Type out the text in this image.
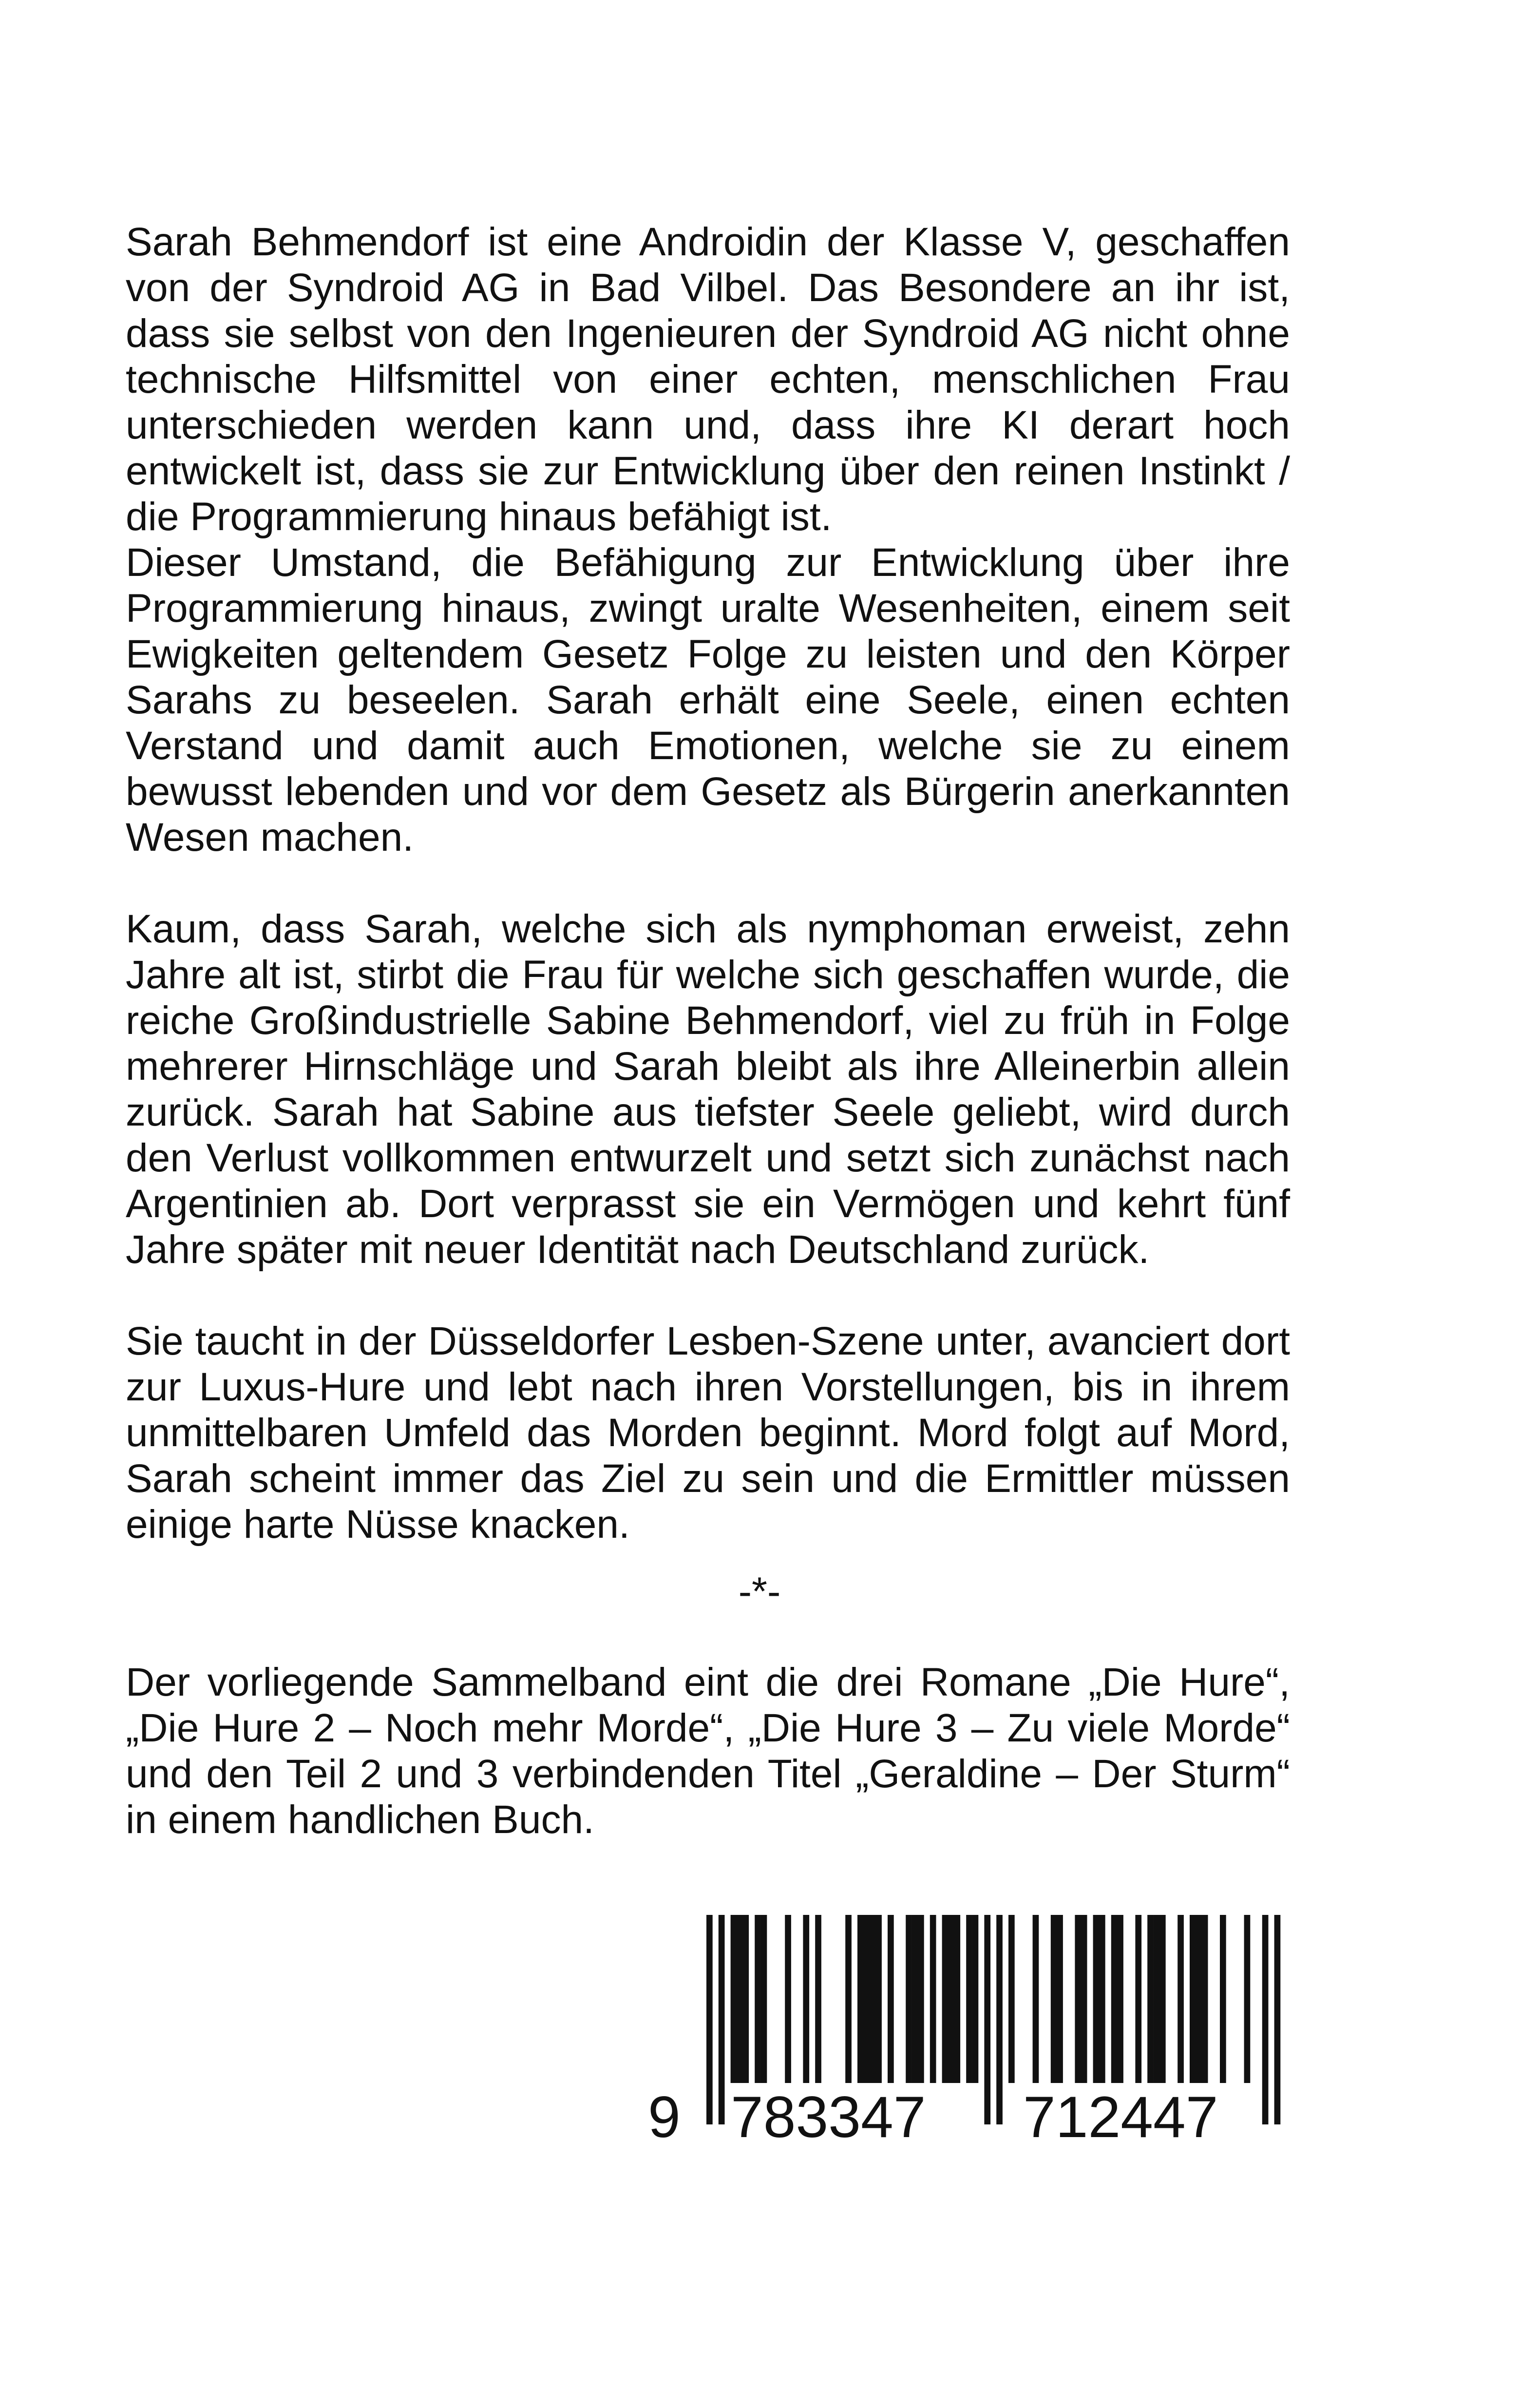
Sarah Behmendorf ist eine Androidin der Klasse V, geschaffen von der Syndroid AG in Bad Vilbel. Das Besondere an ihr ist, dass sie selbst von den Ingenieuren der Syndroid AG nicht ohne technische Hilfsmittel von einer echten, menschlichen Frau unterschieden werden kann und, dass ihre KI derart hoch entwickelt ist, dass sie zur Entwicklung über den reinen Instinkt / die Programmierung hinaus befähigt ist.

Dieser Umstand, die Befähigung zur Entwicklung über ihre Programmierung hinaus, zwingt uralte Wesenheiten, einem seit Ewigkeiten geltendem Gesetz Folge zu leisten und den Körper Sarahs zu beseelen. Sarah erhält eine Seele, einen echten Verstand und damit auch Emotionen, welche sie zu einem bewusst lebenden und vor dem Gesetz als Bürgerin anerkannten Wesen machen.

Kaum, dass Sarah, welche sich als nymphoman erweist, zehn Jahre alt ist, stirbt die Frau für welche sich geschaffen wurde, die reiche Großindustrielle Sabine Behmendorf, viel zu früh in Folge mehrerer Hirnschläge und Sarah bleibt als ihre Alleinerbin allein zurück. Sarah hat Sabine aus tiefster Seele geliebt, wird durch den Verlust vollkommen entwurzelt und setzt sich zunächst nach Argentinien ab. Dort verprasst sie ein Vermögen und kehrt fünf Jahre später mit neuer Identität nach Deutschland zurück.

Sie taucht in der Düsseldorfer Lesben-Szene unter, avanciert dort zur Luxus-Hure und lebt nach ihren Vorstellungen, bis in ihrem unmittelbaren Umfeld das Morden beginnt. Mord folgt auf Mord, Sarah scheint immer das Ziel zu sein und die Ermittler müssen einige harte Nüsse knacken.

-*-

Der vorliegende Sammelband eint die drei Romane „Die Hure“, „Die Hure 2 – Noch mehr Morde“, „Die Hure 3 – Zu viele Morde“ und den Teil 2 und 3 verbindenden Titel „Geraldine – Der Sturm“ in einem handlichen Buch.

9 783347 712447
